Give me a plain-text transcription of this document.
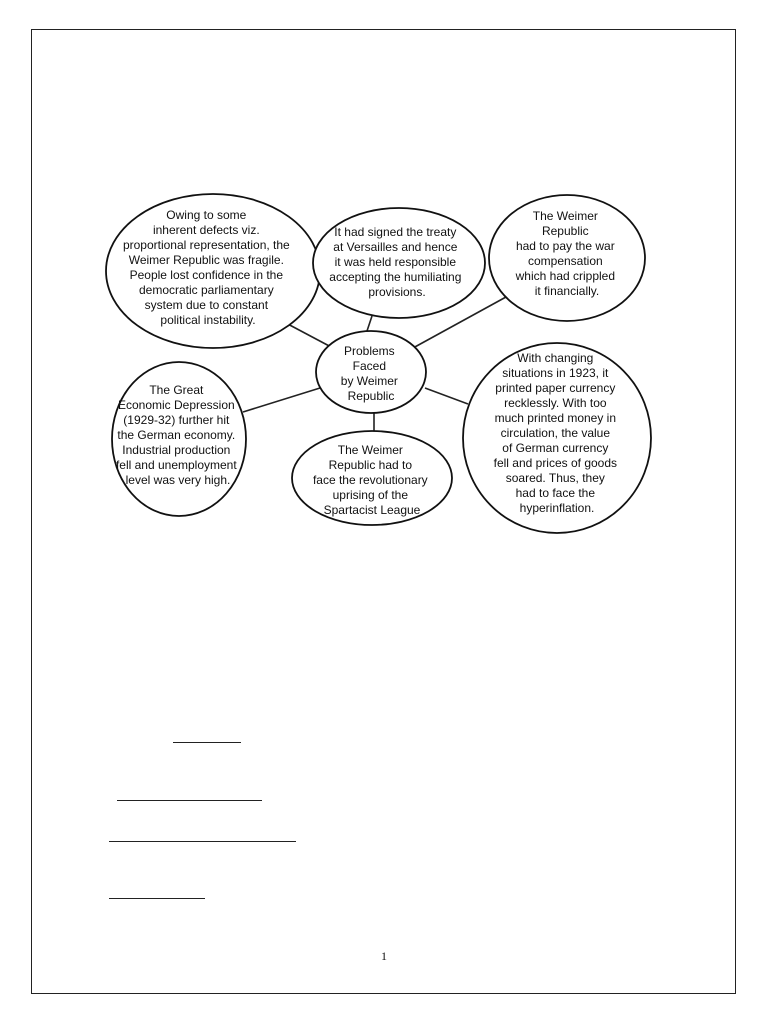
Owing to some inherent defects viz. proportional representation, the Weimer Republic was fragile. People lost confidence in the democratic parliamentary system due to constant political instability.
It had signed the treaty at Versailles and hence it was held responsible accepting the humiliating provisions.
The Weimer Republic had to pay the war compensation which had crippled it financially.
Problems Faced by Weimer Republic
The Great Economic Depression (1929-32) further hit the German economy. Industrial production fell and unemployment level was very high.
The Weimer Republic had to face the revolutionary uprising of the Spartacist League
With changing situations in 1923, it printed paper currency recklessly. With too much printed money in circulation, the value of German currency fell and prices of goods soared. Thus, they had to face the hyperinflation.
1
